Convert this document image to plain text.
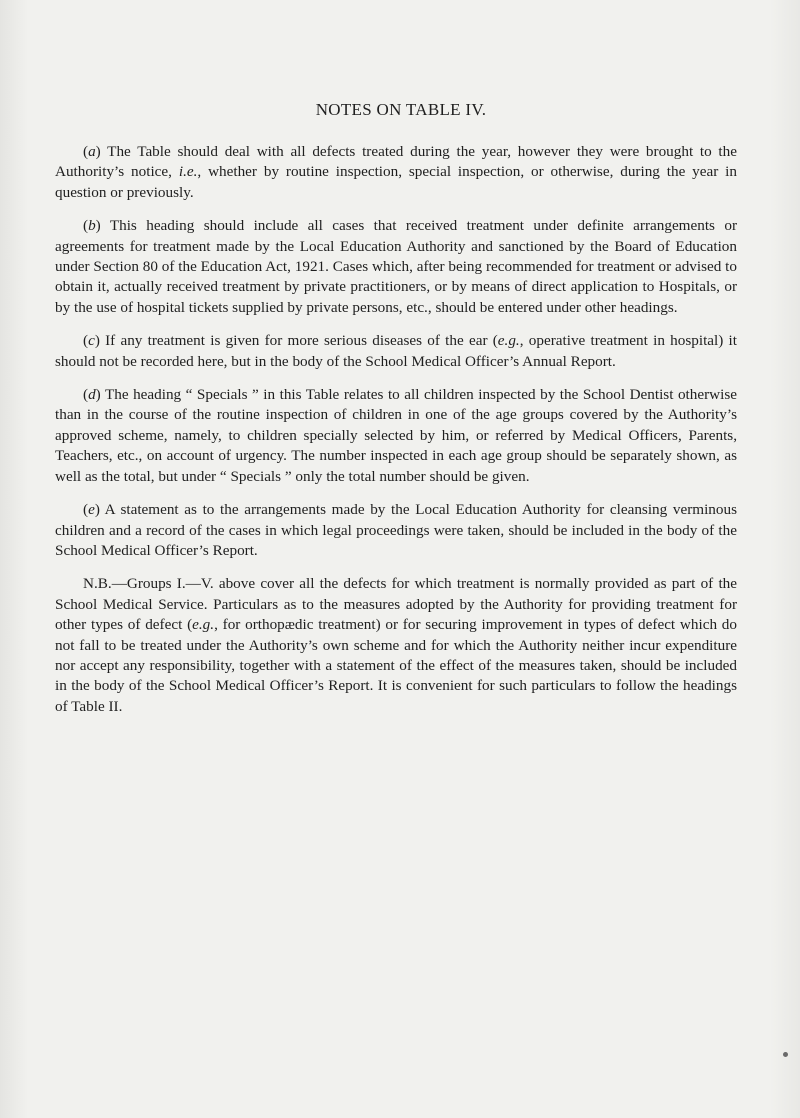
NOTES ON TABLE IV.

(a) The Table should deal with all defects treated during the year, however they were brought to the Authority’s notice, i.e., whether by routine inspection, special inspection, or otherwise, during the year in question or previously.

(b) This heading should include all cases that received treatment under definite arrangements or agreements for treatment made by the Local Education Authority and sanctioned by the Board of Education under Section 80 of the Education Act, 1921. Cases which, after being recommended for treatment or advised to obtain it, actually received treatment by private practitioners, or by means of direct application to Hospitals, or by the use of hospital tickets supplied by private persons, etc., should be entered under other headings.

(c) If any treatment is given for more serious diseases of the ear (e.g., operative treatment in hospital) it should not be recorded here, but in the body of the School Medical Officer’s Annual Report.

(d) The heading “ Specials ” in this Table relates to all children inspected by the School Dentist otherwise than in the course of the routine inspection of children in one of the age groups covered by the Authority’s approved scheme, namely, to children specially selected by him, or referred by Medical Officers, Parents, Teachers, etc., on account of urgency. The number inspected in each age group should be separately shown, as well as the total, but under “ Specials ” only the total number should be given.

(e) A statement as to the arrangements made by the Local Education Authority for cleansing verminous children and a record of the cases in which legal proceedings were taken, should be included in the body of the School Medical Officer’s Report.

N.B.—Groups I.—V. above cover all the defects for which treatment is normally provided as part of the School Medical Service. Particulars as to the measures adopted by the Authority for providing treatment for other types of defect (e.g., for orthopædic treatment) or for securing improvement in types of defect which do not fall to be treated under the Authority’s own scheme and for which the Authority neither incur expenditure nor accept any responsibility, together with a statement of the effect of the measures taken, should be included in the body of the School Medical Officer’s Report. It is convenient for such particulars to follow the headings of Table II.
